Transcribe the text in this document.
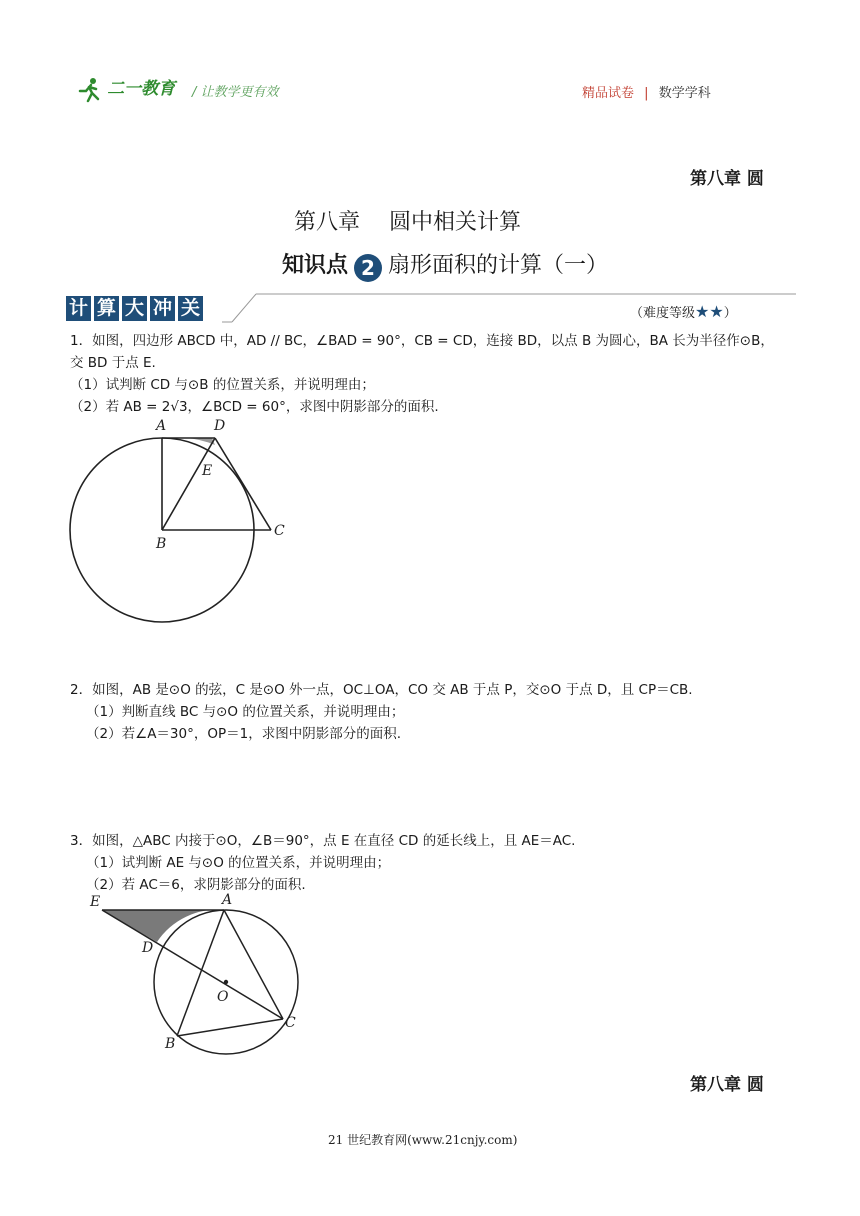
二一教育 / 让教学更有效	精品试卷 | 数学学科
第八章 圆
第八章　 圆中相关计算
知识点 2 扇形面积的计算（一）
计 算 大 冲 关	（难度等级★★）
1．如图，四边形 ABCD 中，AD // BC，∠BAD = 90°，CB = CD，连接 BD，以点 B 为圆心，BA 长为半径作⊙B，
交 BD 于点 E.
（1）试判断 CD 与⊙B 的位置关系，并说明理由；
（2）若 AB = 2√3，∠BCD = 60°，求图中阴影部分的面积.
A	D
E
B
C
2．如图，AB 是⊙O 的弦，C 是⊙O 外一点，OC⊥OA，CO 交 AB 于点 P，交⊙O 于点 D，且 CP＝CB.
（1）判断直线 BC 与⊙O 的位置关系，并说明理由；
（2）若∠A＝30°，OP＝1，求图中阴影部分的面积.
3．如图，△ABC 内接于⊙O，∠B＝90°，点 E 在直径 CD 的延长线上，且 AE＝AC.
（1）试判断 AE 与⊙O 的位置关系，并说明理由；
（2）若 AC＝6，求阴影部分的面积.
E	A
D
O
C
B
第八章 圆
21 世纪教育网(www.21cnjy.com)
